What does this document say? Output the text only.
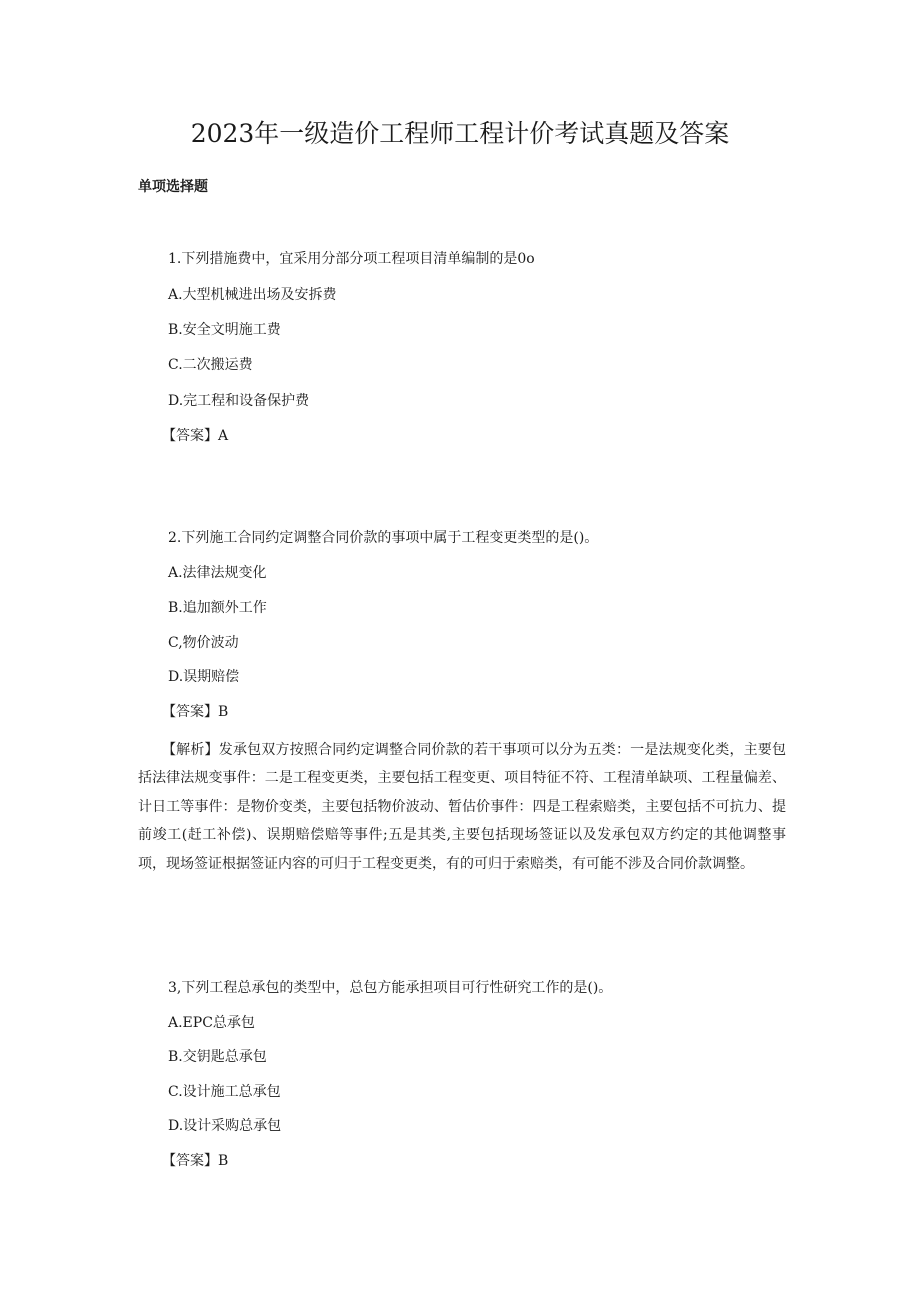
2023年一级造价工程师工程计价考试真题及答案
单项选择题
1.下列措施费中，宜采用分部分项工程项目清单编制的是0o
A.大型机械进出场及安拆费
B.安全文明施工费
C.二次搬运费
D.完工程和设备保护费
【答案】A
2.下列施工合同约定调整合同价款的事项中属于工程变更类型的是()。
A.法律法规变化
B.追加额外工作
C,物价波动
D.误期赔偿
【答案】B
【解析】发承包双方按照合同约定调整合同价款的若干事项可以分为五类：一是法规变化类，主要包括法律法规变事件：二是工程变更类，主要包括工程变更、项目特征不符、工程清单缺项、工程量偏差、计日工等事件：是物价变类，主要包括物价波动、暂估价事件：四是工程索赔类，主要包括不可抗力、提前竣工(赶工补偿)、误期赔偿赔等事件;五是其类,主要包括现场签证以及发承包双方约定的其他调整事项，现场签证根据签证内容的可归于工程变更类，有的可归于索赔类，有可能不涉及合同价款调整。
3,下列工程总承包的类型中，总包方能承担项目可行性研究工作的是()。
A.EPC总承包
B.交钥匙总承包
C.设计施工总承包
D.设计采购总承包
【答案】B
